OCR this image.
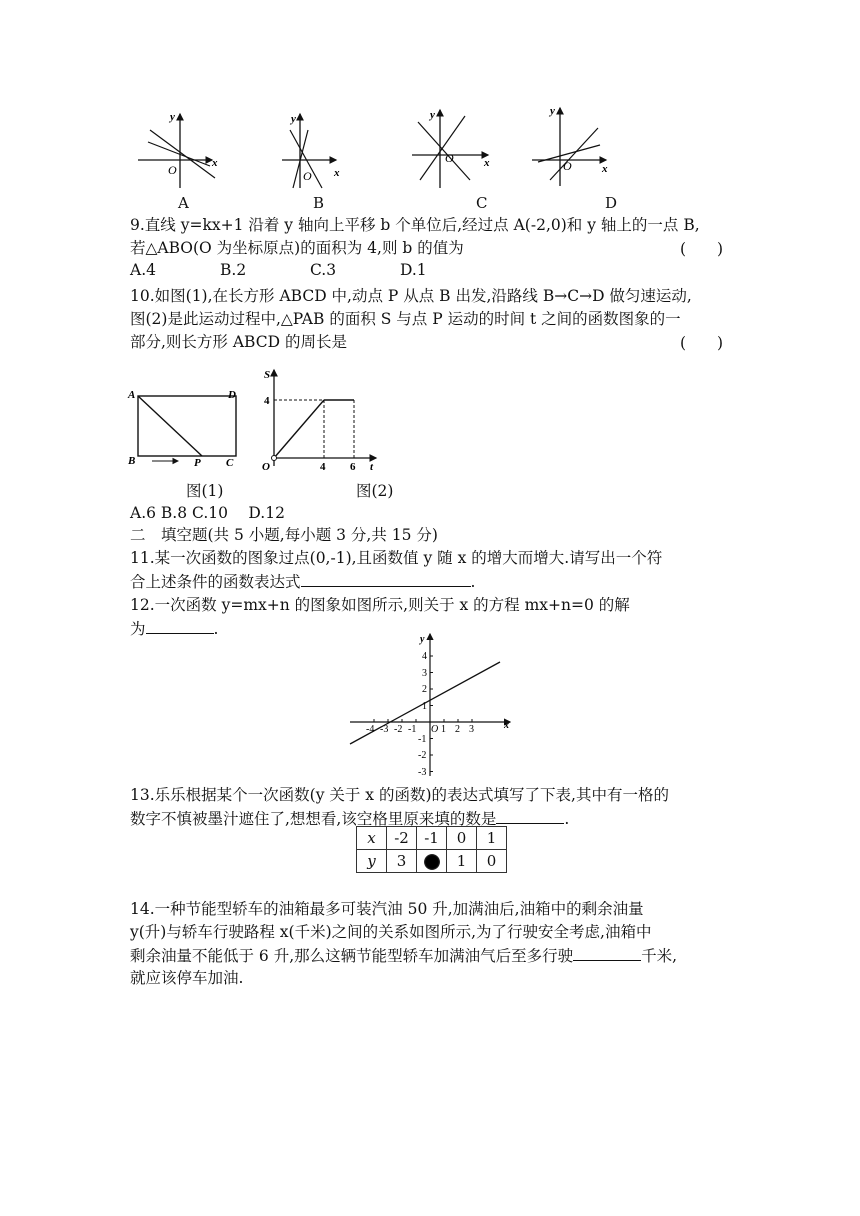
y
x
O
y
x
O
y
x
O
y
x
O
A	B	C	D
9.直线 y=kx+1 沿着 y 轴向上平移 b 个单位后,经过点 A(-2,0)和 y 轴上的一点 B,
若△ABO(O 为坐标原点)的面积为 4,则 b 的值为	(　　)
A.4	B.2	C.3	D.1
10.如图(1),在长方形 ABCD 中,动点 P 从点 B 出发,沿路线 B→C→D 做匀速运动,
图(2)是此运动过程中,△PAB 的面积 S 与点 P 运动的时间 t 之间的函数图象的一
部分,则长方形 ABCD 的周长是	(　　)
A	D
B	P C
S
4
O	4 6 t
图(1)	图(2)
A.6 B.8 C.10　 D.12
二　填空题(共 5 小题,每小题 3 分,共 15 分)
11.某一次函数的图象过点(0,-1),且函数值 y 随 x 的增大而增大.请写出一个符
合上述条件的函数表达式	.
12.一次函数 y=mx+n 的图象如图所示,则关于 x 的方程 mx+n=0 的解
为	.
y
x
O
-4 -3 -2 -1 1 2 3
4
3
2
1
-1
-2
-3
13.乐乐根据某个一次函数(y 关于 x 的函数)的表达式填写了下表,其中有一格的
数字不慎被墨汁遮住了,想想看,该空格里原来填的数是	.
x	-2	-1	0	1
y	3		1	0
14.一种节能型轿车的油箱最多可装汽油 50 升,加满油后,油箱中的剩余油量
y(升)与轿车行驶路程 x(千米)之间的关系如图所示,为了行驶安全考虑,油箱中
剩余油量不能低于 6 升,那么这辆节能型轿车加满油气后至多行驶	千米,
就应该停车加油.
